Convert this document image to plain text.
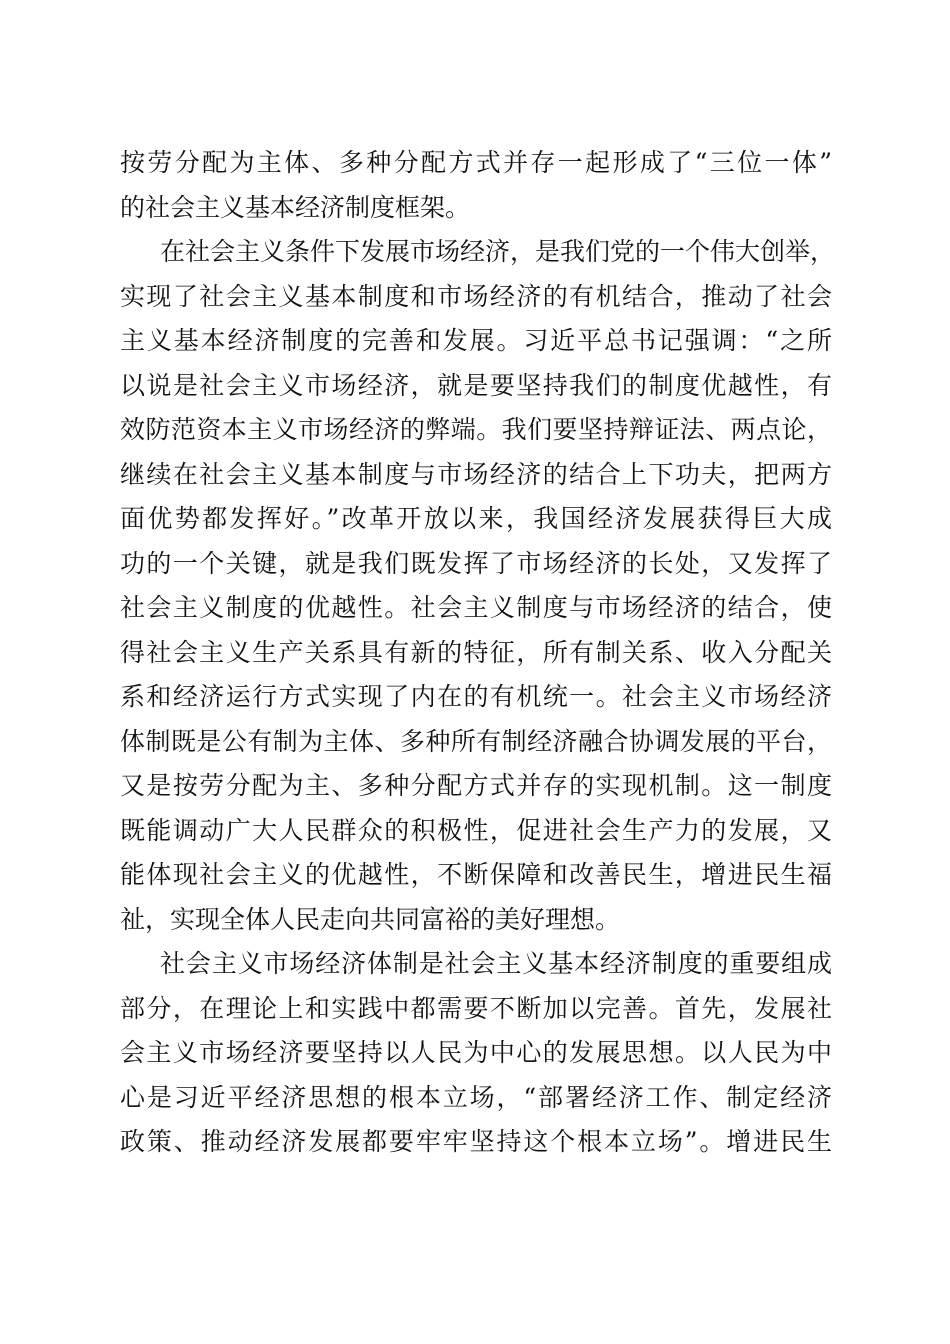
按劳分配为主体、多种分配方式并存一起形成了“三位一体”
的社会主义基本经济制度框架。
在社会主义条件下发展市场经济，是我们党的一个伟大创举，
实现了社会主义基本制度和市场经济的有机结合，推动了社会
主义基本经济制度的完善和发展。习近平总书记强调：“之所
以说是社会主义市场经济，就是要坚持我们的制度优越性，有
效防范资本主义市场经济的弊端。我们要坚持辩证法、两点论，
继续在社会主义基本制度与市场经济的结合上下功夫，把两方
面优势都发挥好。”改革开放以来，我国经济发展获得巨大成
功的一个关键，就是我们既发挥了市场经济的长处，又发挥了
社会主义制度的优越性。社会主义制度与市场经济的结合，使
得社会主义生产关系具有新的特征，所有制关系、收入分配关
系和经济运行方式实现了内在的有机统一。社会主义市场经济
体制既是公有制为主体、多种所有制经济融合协调发展的平台，
又是按劳分配为主、多种分配方式并存的实现机制。这一制度
既能调动广大人民群众的积极性，促进社会生产力的发展，又
能体现社会主义的优越性，不断保障和改善民生，增进民生福
祉，实现全体人民走向共同富裕的美好理想。
社会主义市场经济体制是社会主义基本经济制度的重要组成
部分，在理论上和实践中都需要不断加以完善。首先，发展社
会主义市场经济要坚持以人民为中心的发展思想。以人民为中
心是习近平经济思想的根本立场，“部署经济工作、制定经济
政策、推动经济发展都要牢牢坚持这个根本立场”。增进民生
